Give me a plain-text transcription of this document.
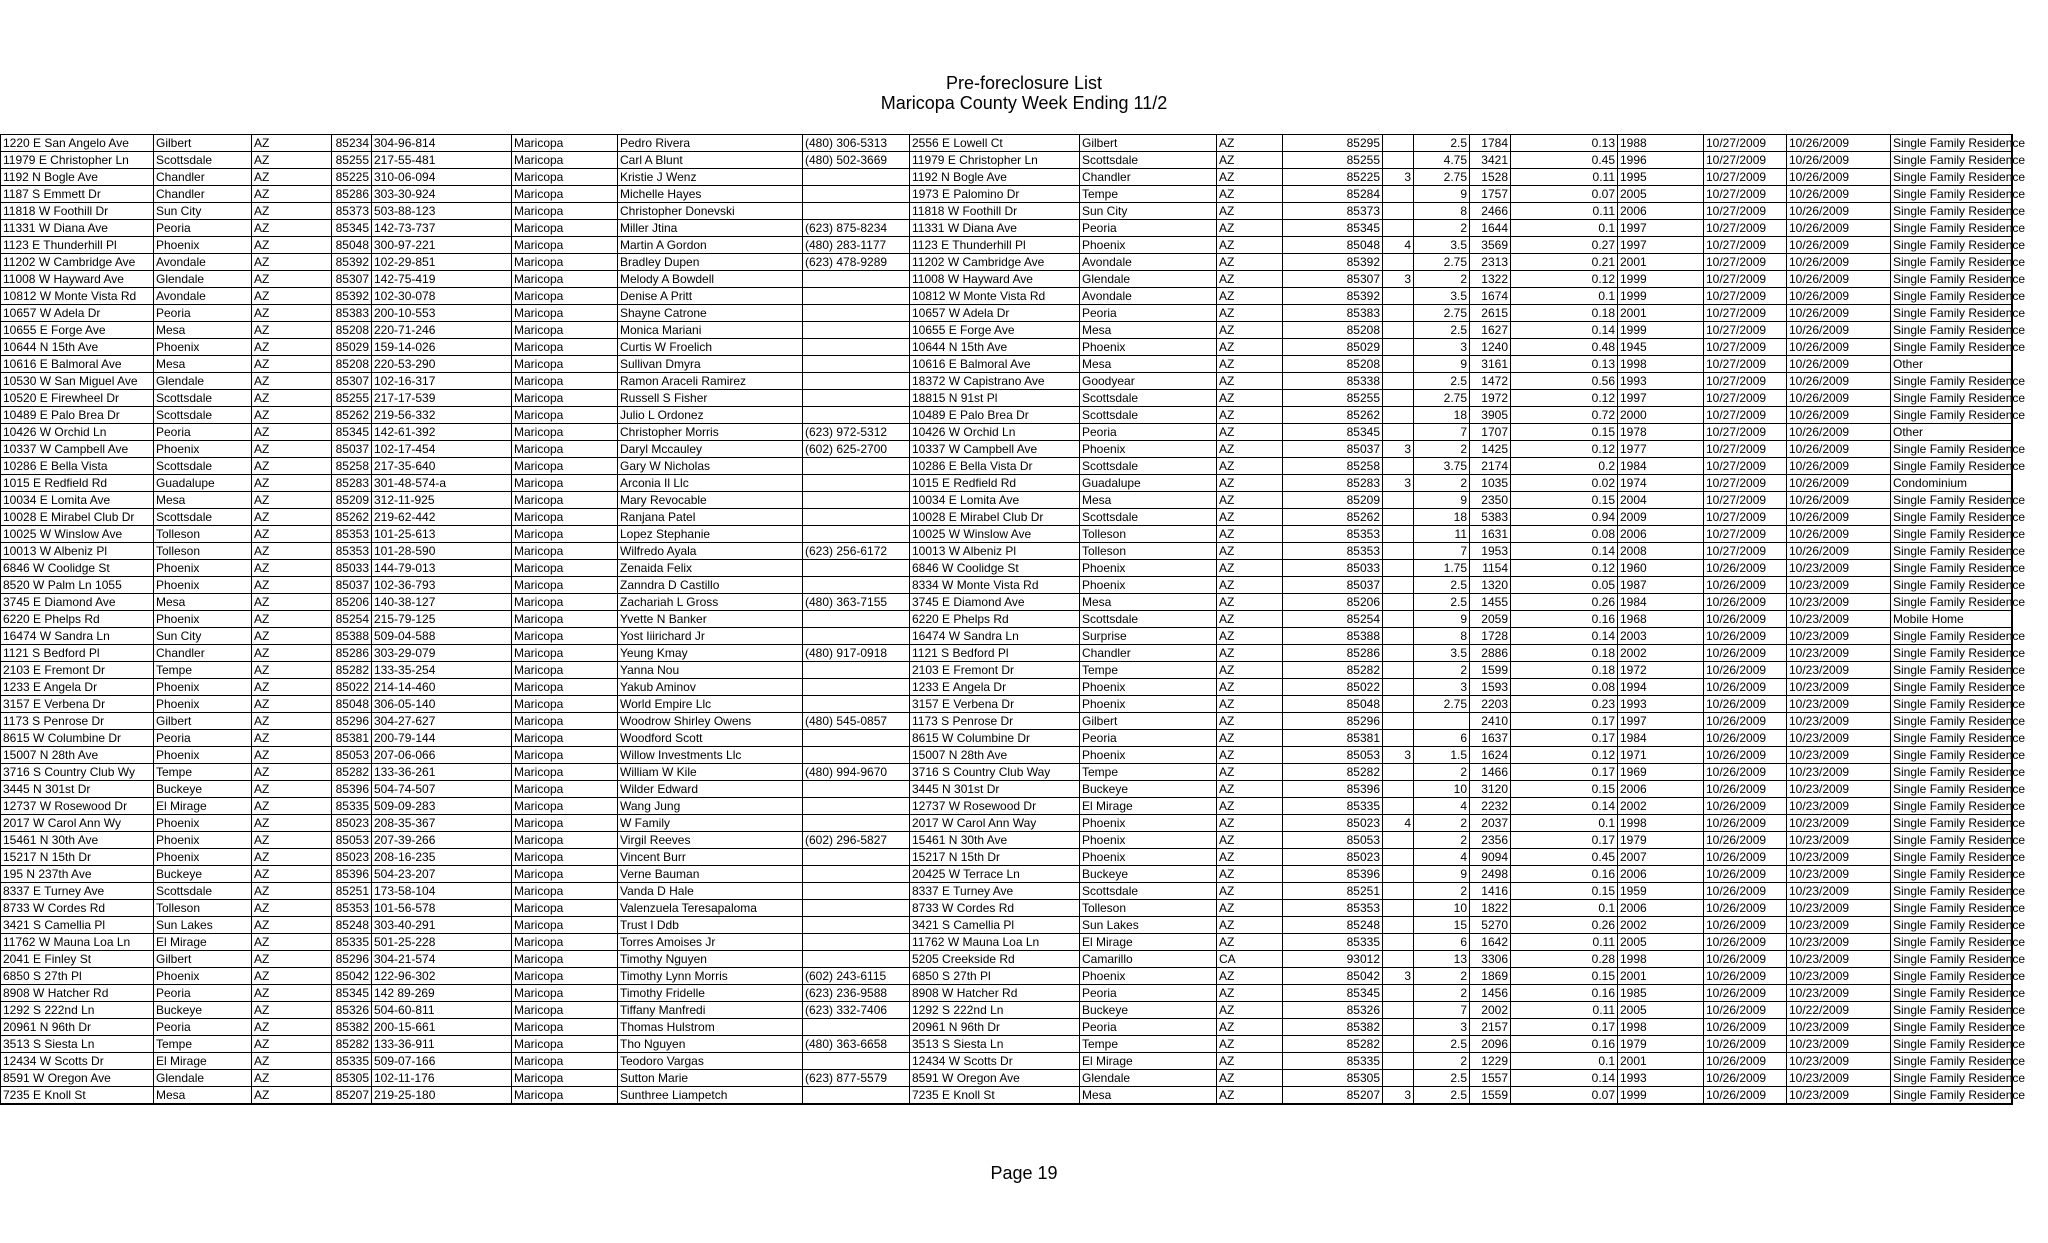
Pre-foreclosure List
Maricopa County Week Ending 11/2
1220 E San Angelo Ave	Gilbert	AZ	85234	304-96-814	Maricopa	Pedro Rivera	(480) 306-5313	2556 E Lowell Ct	Gilbert	AZ	85295		2.5	1784	0.13	1988	10/27/2009	10/26/2009	Single Family Residence
11979 E Christopher Ln	Scottsdale	AZ	85255	217-55-481	Maricopa	Carl A Blunt	(480) 502-3669	11979 E Christopher Ln	Scottsdale	AZ	85255		4.75	3421	0.45	1996	10/27/2009	10/26/2009	Single Family Residence
1192 N Bogle Ave	Chandler	AZ	85225	310-06-094	Maricopa	Kristie J Wenz		1192 N Bogle Ave	Chandler	AZ	85225	3	2.75	1528	0.11	1995	10/27/2009	10/26/2009	Single Family Residence
1187 S Emmett Dr	Chandler	AZ	85286	303-30-924	Maricopa	Michelle Hayes		1973 E Palomino Dr	Tempe	AZ	85284		9	1757	0.07	2005	10/27/2009	10/26/2009	Single Family Residence
11818 W Foothill Dr	Sun City	AZ	85373	503-88-123	Maricopa	Christopher Donevski		11818 W Foothill Dr	Sun City	AZ	85373		8	2466	0.11	2006	10/27/2009	10/26/2009	Single Family Residence
11331 W Diana Ave	Peoria	AZ	85345	142-73-737	Maricopa	Miller Jtina	(623) 875-8234	11331 W Diana Ave	Peoria	AZ	85345		2	1644	0.1	1997	10/27/2009	10/26/2009	Single Family Residence
1123 E Thunderhill Pl	Phoenix	AZ	85048	300-97-221	Maricopa	Martin A Gordon	(480) 283-1177	1123 E Thunderhill Pl	Phoenix	AZ	85048	4	3.5	3569	0.27	1997	10/27/2009	10/26/2009	Single Family Residence
11202 W Cambridge Ave	Avondale	AZ	85392	102-29-851	Maricopa	Bradley Dupen	(623) 478-9289	11202 W Cambridge Ave	Avondale	AZ	85392		2.75	2313	0.21	2001	10/27/2009	10/26/2009	Single Family Residence
11008 W Hayward Ave	Glendale	AZ	85307	142-75-419	Maricopa	Melody A Bowdell		11008 W Hayward Ave	Glendale	AZ	85307	3	2	1322	0.12	1999	10/27/2009	10/26/2009	Single Family Residence
10812 W Monte Vista Rd	Avondale	AZ	85392	102-30-078	Maricopa	Denise A Pritt		10812 W Monte Vista Rd	Avondale	AZ	85392		3.5	1674	0.1	1999	10/27/2009	10/26/2009	Single Family Residence
10657 W Adela Dr	Peoria	AZ	85383	200-10-553	Maricopa	Shayne Catrone		10657 W Adela Dr	Peoria	AZ	85383		2.75	2615	0.18	2001	10/27/2009	10/26/2009	Single Family Residence
10655 E Forge Ave	Mesa	AZ	85208	220-71-246	Maricopa	Monica Mariani		10655 E Forge Ave	Mesa	AZ	85208		2.5	1627	0.14	1999	10/27/2009	10/26/2009	Single Family Residence
10644 N 15th Ave	Phoenix	AZ	85029	159-14-026	Maricopa	Curtis W Froelich		10644 N 15th Ave	Phoenix	AZ	85029		3	1240	0.48	1945	10/27/2009	10/26/2009	Single Family Residence
10616 E Balmoral Ave	Mesa	AZ	85208	220-53-290	Maricopa	Sullivan Dmyra		10616 E Balmoral Ave	Mesa	AZ	85208		9	3161	0.13	1998	10/27/2009	10/26/2009	Other
10530 W San Miguel Ave	Glendale	AZ	85307	102-16-317	Maricopa	Ramon Araceli Ramirez		18372 W Capistrano Ave	Goodyear	AZ	85338		2.5	1472	0.56	1993	10/27/2009	10/26/2009	Single Family Residence
10520 E Firewheel Dr	Scottsdale	AZ	85255	217-17-539	Maricopa	Russell S Fisher		18815 N 91st Pl	Scottsdale	AZ	85255		2.75	1972	0.12	1997	10/27/2009	10/26/2009	Single Family Residence
10489 E Palo Brea Dr	Scottsdale	AZ	85262	219-56-332	Maricopa	Julio L Ordonez		10489 E Palo Brea Dr	Scottsdale	AZ	85262		18	3905	0.72	2000	10/27/2009	10/26/2009	Single Family Residence
10426 W Orchid Ln	Peoria	AZ	85345	142-61-392	Maricopa	Christopher Morris	(623) 972-5312	10426 W Orchid Ln	Peoria	AZ	85345		7	1707	0.15	1978	10/27/2009	10/26/2009	Other
10337 W Campbell Ave	Phoenix	AZ	85037	102-17-454	Maricopa	Daryl Mccauley	(602) 625-2700	10337 W Campbell Ave	Phoenix	AZ	85037	3	2	1425	0.12	1977	10/27/2009	10/26/2009	Single Family Residence
10286 E Bella Vista	Scottsdale	AZ	85258	217-35-640	Maricopa	Gary W Nicholas		10286 E Bella Vista Dr	Scottsdale	AZ	85258		3.75	2174	0.2	1984	10/27/2009	10/26/2009	Single Family Residence
1015 E Redfield Rd	Guadalupe	AZ	85283	301-48-574-a	Maricopa	Arconia Il Llc		1015 E Redfield Rd	Guadalupe	AZ	85283	3	2	1035	0.02	1974	10/27/2009	10/26/2009	Condominium
10034 E Lomita Ave	Mesa	AZ	85209	312-11-925	Maricopa	Mary Revocable		10034 E Lomita Ave	Mesa	AZ	85209		9	2350	0.15	2004	10/27/2009	10/26/2009	Single Family Residence
10028 E Mirabel Club Dr	Scottsdale	AZ	85262	219-62-442	Maricopa	Ranjana Patel		10028 E Mirabel Club Dr	Scottsdale	AZ	85262		18	5383	0.94	2009	10/27/2009	10/26/2009	Single Family Residence
10025 W Winslow Ave	Tolleson	AZ	85353	101-25-613	Maricopa	Lopez Stephanie		10025 W Winslow Ave	Tolleson	AZ	85353		11	1631	0.08	2006	10/27/2009	10/26/2009	Single Family Residence
10013 W Albeniz Pl	Tolleson	AZ	85353	101-28-590	Maricopa	Wilfredo Ayala	(623) 256-6172	10013 W Albeniz Pl	Tolleson	AZ	85353		7	1953	0.14	2008	10/27/2009	10/26/2009	Single Family Residence
6846 W Coolidge St	Phoenix	AZ	85033	144-79-013	Maricopa	Zenaida Felix		6846 W Coolidge St	Phoenix	AZ	85033		1.75	1154	0.12	1960	10/26/2009	10/23/2009	Single Family Residence
8520 W Palm Ln 1055	Phoenix	AZ	85037	102-36-793	Maricopa	Zanndra D Castillo		8334 W Monte Vista Rd	Phoenix	AZ	85037		2.5	1320	0.05	1987	10/26/2009	10/23/2009	Single Family Residence
3745 E Diamond Ave	Mesa	AZ	85206	140-38-127	Maricopa	Zachariah L Gross	(480) 363-7155	3745 E Diamond Ave	Mesa	AZ	85206		2.5	1455	0.26	1984	10/26/2009	10/23/2009	Single Family Residence
6220 E Phelps Rd	Phoenix	AZ	85254	215-79-125	Maricopa	Yvette N Banker		6220 E Phelps Rd	Scottsdale	AZ	85254		9	2059	0.16	1968	10/26/2009	10/23/2009	Mobile Home
16474 W Sandra Ln	Sun City	AZ	85388	509-04-588	Maricopa	Yost Iiirichard Jr		16474 W Sandra Ln	Surprise	AZ	85388		8	1728	0.14	2003	10/26/2009	10/23/2009	Single Family Residence
1121 S Bedford Pl	Chandler	AZ	85286	303-29-079	Maricopa	Yeung Kmay	(480) 917-0918	1121 S Bedford Pl	Chandler	AZ	85286		3.5	2886	0.18	2002	10/26/2009	10/23/2009	Single Family Residence
2103 E Fremont Dr	Tempe	AZ	85282	133-35-254	Maricopa	Yanna Nou		2103 E Fremont Dr	Tempe	AZ	85282		2	1599	0.18	1972	10/26/2009	10/23/2009	Single Family Residence
1233 E Angela Dr	Phoenix	AZ	85022	214-14-460	Maricopa	Yakub Aminov		1233 E Angela Dr	Phoenix	AZ	85022		3	1593	0.08	1994	10/26/2009	10/23/2009	Single Family Residence
3157 E Verbena Dr	Phoenix	AZ	85048	306-05-140	Maricopa	World Empire Llc		3157 E Verbena Dr	Phoenix	AZ	85048		2.75	2203	0.23	1993	10/26/2009	10/23/2009	Single Family Residence
1173 S Penrose Dr	Gilbert	AZ	85296	304-27-627	Maricopa	Woodrow Shirley Owens	(480) 545-0857	1173 S Penrose Dr	Gilbert	AZ	85296			2410	0.17	1997	10/26/2009	10/23/2009	Single Family Residence
8615 W Columbine Dr	Peoria	AZ	85381	200-79-144	Maricopa	Woodford Scott		8615 W Columbine Dr	Peoria	AZ	85381		6	1637	0.17	1984	10/26/2009	10/23/2009	Single Family Residence
15007 N 28th Ave	Phoenix	AZ	85053	207-06-066	Maricopa	Willow Investments Llc		15007 N 28th Ave	Phoenix	AZ	85053	3	1.5	1624	0.12	1971	10/26/2009	10/23/2009	Single Family Residence
3716 S Country Club Wy	Tempe	AZ	85282	133-36-261	Maricopa	William W Kile	(480) 994-9670	3716 S Country Club Way	Tempe	AZ	85282		2	1466	0.17	1969	10/26/2009	10/23/2009	Single Family Residence
3445 N 301st Dr	Buckeye	AZ	85396	504-74-507	Maricopa	Wilder Edward		3445 N 301st Dr	Buckeye	AZ	85396		10	3120	0.15	2006	10/26/2009	10/23/2009	Single Family Residence
12737 W Rosewood Dr	El Mirage	AZ	85335	509-09-283	Maricopa	Wang Jung		12737 W Rosewood Dr	El Mirage	AZ	85335		4	2232	0.14	2002	10/26/2009	10/23/2009	Single Family Residence
2017 W Carol Ann Wy	Phoenix	AZ	85023	208-35-367	Maricopa	W Family		2017 W Carol Ann Way	Phoenix	AZ	85023	4	2	2037	0.1	1998	10/26/2009	10/23/2009	Single Family Residence
15461 N 30th Ave	Phoenix	AZ	85053	207-39-266	Maricopa	Virgil Reeves	(602) 296-5827	15461 N 30th Ave	Phoenix	AZ	85053		2	2356	0.17	1979	10/26/2009	10/23/2009	Single Family Residence
15217 N 15th Dr	Phoenix	AZ	85023	208-16-235	Maricopa	Vincent Burr		15217 N 15th Dr	Phoenix	AZ	85023		4	9094	0.45	2007	10/26/2009	10/23/2009	Single Family Residence
195 N 237th Ave	Buckeye	AZ	85396	504-23-207	Maricopa	Verne Bauman		20425 W Terrace Ln	Buckeye	AZ	85396		9	2498	0.16	2006	10/26/2009	10/23/2009	Single Family Residence
8337 E Turney Ave	Scottsdale	AZ	85251	173-58-104	Maricopa	Vanda D Hale		8337 E Turney Ave	Scottsdale	AZ	85251		2	1416	0.15	1959	10/26/2009	10/23/2009	Single Family Residence
8733 W Cordes Rd	Tolleson	AZ	85353	101-56-578	Maricopa	Valenzuela Teresapaloma		8733 W Cordes Rd	Tolleson	AZ	85353		10	1822	0.1	2006	10/26/2009	10/23/2009	Single Family Residence
3421 S Camellia Pl	Sun Lakes	AZ	85248	303-40-291	Maricopa	Trust I Ddb		3421 S Camellia Pl	Sun Lakes	AZ	85248		15	5270	0.26	2002	10/26/2009	10/23/2009	Single Family Residence
11762 W Mauna Loa Ln	El Mirage	AZ	85335	501-25-228	Maricopa	Torres Amoises Jr		11762 W Mauna Loa Ln	El Mirage	AZ	85335		6	1642	0.11	2005	10/26/2009	10/23/2009	Single Family Residence
2041 E Finley St	Gilbert	AZ	85296	304-21-574	Maricopa	Timothy Nguyen		5205 Creekside Rd	Camarillo	CA	93012		13	3306	0.28	1998	10/26/2009	10/23/2009	Single Family Residence
6850 S 27th Pl	Phoenix	AZ	85042	122-96-302	Maricopa	Timothy Lynn Morris	(602) 243-6115	6850 S 27th Pl	Phoenix	AZ	85042	3	2	1869	0.15	2001	10/26/2009	10/23/2009	Single Family Residence
8908 W Hatcher Rd	Peoria	AZ	85345	142 89-269	Maricopa	Timothy Fridelle	(623) 236-9588	8908 W Hatcher Rd	Peoria	AZ	85345		2	1456	0.16	1985	10/26/2009	10/23/2009	Single Family Residence
1292 S 222nd Ln	Buckeye	AZ	85326	504-60-811	Maricopa	Tiffany Manfredi	(623) 332-7406	1292 S 222nd Ln	Buckeye	AZ	85326		7	2002	0.11	2005	10/26/2009	10/22/2009	Single Family Residence
20961 N 96th Dr	Peoria	AZ	85382	200-15-661	Maricopa	Thomas Hulstrom		20961 N 96th Dr	Peoria	AZ	85382		3	2157	0.17	1998	10/26/2009	10/23/2009	Single Family Residence
3513 S Siesta Ln	Tempe	AZ	85282	133-36-911	Maricopa	Tho Nguyen	(480) 363-6658	3513 S Siesta Ln	Tempe	AZ	85282		2.5	2096	0.16	1979	10/26/2009	10/23/2009	Single Family Residence
12434 W Scotts Dr	El Mirage	AZ	85335	509-07-166	Maricopa	Teodoro Vargas		12434 W Scotts Dr	El Mirage	AZ	85335		2	1229	0.1	2001	10/26/2009	10/23/2009	Single Family Residence
8591 W Oregon Ave	Glendale	AZ	85305	102-11-176	Maricopa	Sutton Marie	(623) 877-5579	8591 W Oregon Ave	Glendale	AZ	85305		2.5	1557	0.14	1993	10/26/2009	10/23/2009	Single Family Residence
7235 E Knoll St	Mesa	AZ	85207	219-25-180	Maricopa	Sunthree Liampetch		7235 E Knoll St	Mesa	AZ	85207	3	2.5	1559	0.07	1999	10/26/2009	10/23/2009	Single Family Residence
Page 19
